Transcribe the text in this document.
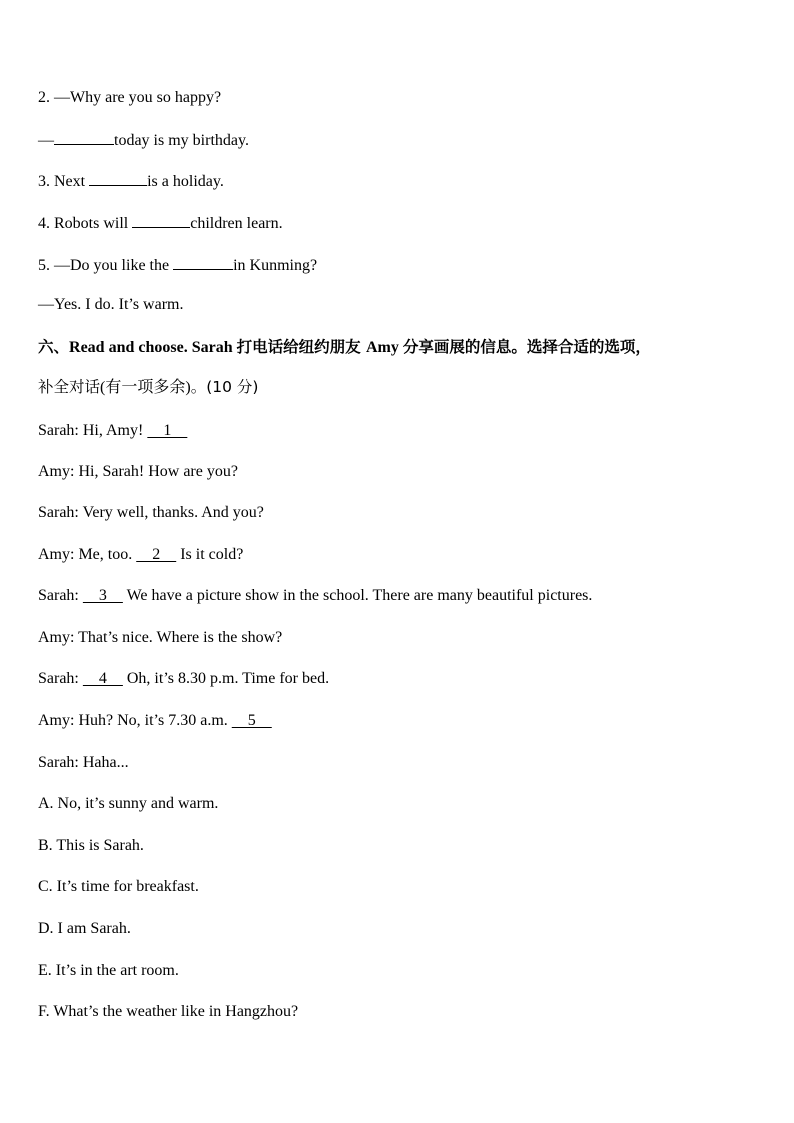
2. —Why are you so happy?
—	today is my birthday.
3. Next	is a holiday.
4. Robots will	children learn.
5. —Do you like the	in Kunming?
—Yes. I do. It’s warm.
六、Read and choose. Sarah 打电话给纽约朋友 Amy 分享画展的信息。选择合适的选项，
补全对话(有一项多余)。(10 分)
Sarah: Hi, Amy!     1
Amy: Hi, Sarah! How are you?
Sarah: Very well, thanks. And you?
Amy: Me, too.     2     Is it cold?
Sarah:     3     We have a picture show in the school. There are many beautiful pictures.
Amy: That’s nice. Where is the show?
Sarah:     4     Oh, it’s 8.30 p.m. Time for bed.
Amy: Huh? No, it’s 7.30 a.m.     5
Sarah: Haha...
A. No, it’s sunny and warm.
B. This is Sarah.
C. It’s time for breakfast.
D. I am Sarah.
E. It’s in the art room.
F. What’s the weather like in Hangzhou?
